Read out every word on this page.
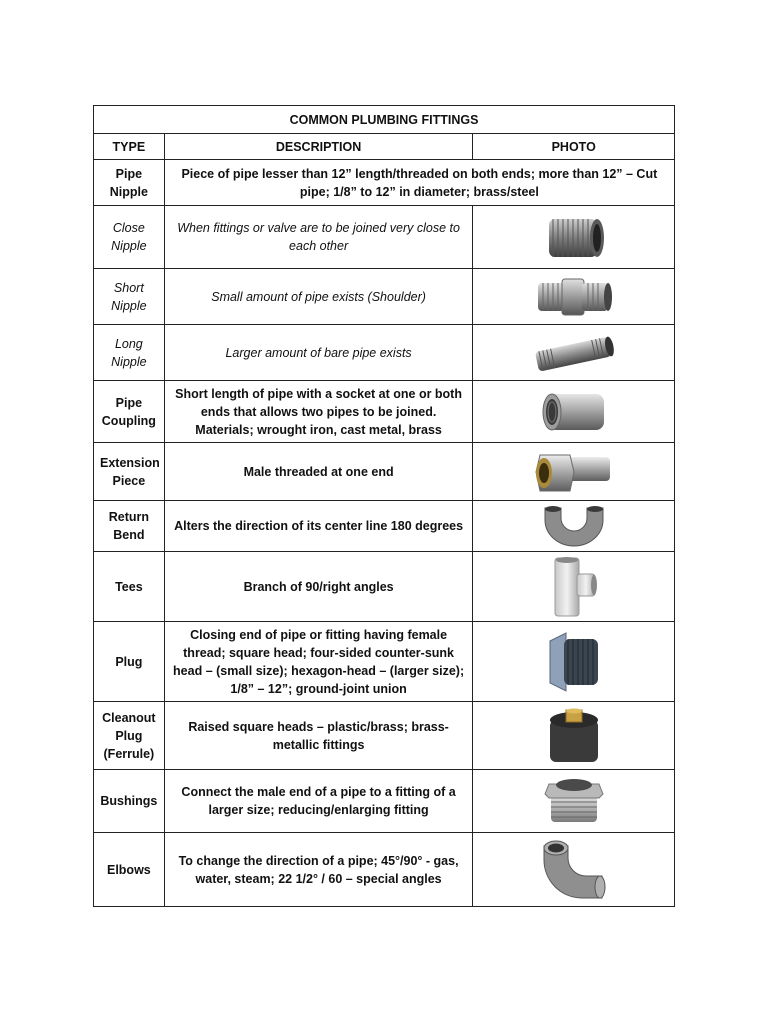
COMMON PLUMBING FITTINGS		
TYPE	DESCRIPTION	PHOTO
Pipe Nipple	Piece of pipe lesser than 12” length/threaded on both ends; more than 12” – Cut pipe; 1/8” to 12” in diameter; brass/steel	
Close Nipple	When fittings or valve are to be joined very close to each other	

Short Nipple	Small amount of pipe exists (Shoulder)	

Long Nipple	Larger amount of bare pipe exists	

Pipe Coupling	Short length of pipe with a socket at one or both ends that allows two pipes to be joined. Materials; wrought iron, cast metal, brass	

Extension Piece	Male threaded at one end	

Return Bend	Alters the direction of its center line 180 degrees	

Tees	Branch of 90/right angles	

Plug	Closing end of pipe or fitting having female thread; square head; four-sided counter-sunk head – (small size); hexagon-head – (larger size); 1/8” – 12”; ground-joint union	

Cleanout Plug (Ferrule)	Raised square heads – plastic/brass; brass-metallic fittings	

Bushings	Connect the male end of a pipe to a fitting of a larger size; reducing/enlarging fitting	

Elbows	To change the direction of a pipe; 45°/90° - gas, water, steam; 22 1/2° / 60 – special angles	
